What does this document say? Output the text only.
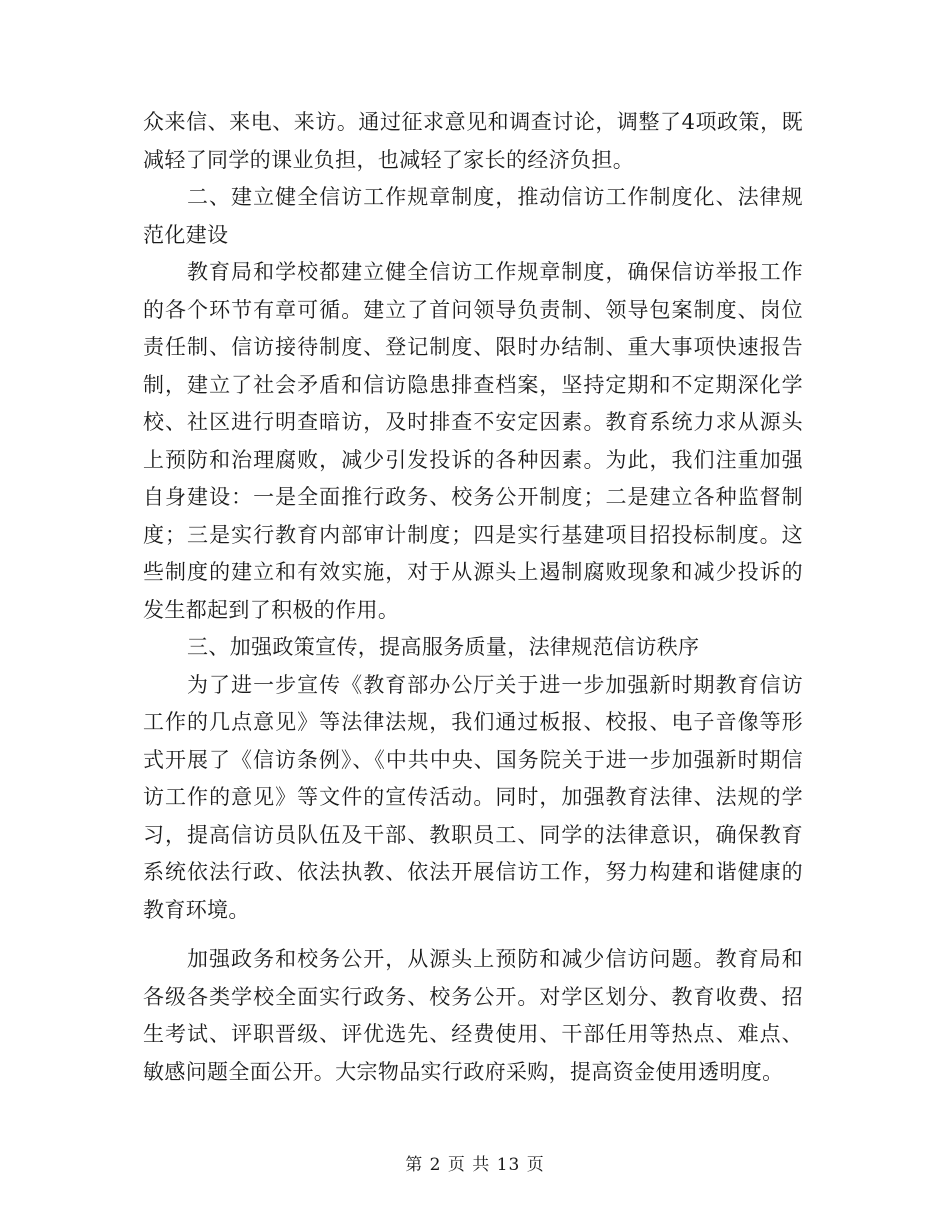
众来信、来电、来访。通过征求意见和调查讨论，调整了4项政策，既减轻了同学的课业负担，也减轻了家长的经济负担。

二、建立健全信访工作规章制度，推动信访工作制度化、法律规范化建设

教育局和学校都建立健全信访工作规章制度，确保信访举报工作的各个环节有章可循。建立了首问领导负责制、领导包案制度、岗位责任制、信访接待制度、登记制度、限时办结制、重大事项快速报告制，建立了社会矛盾和信访隐患排查档案，坚持定期和不定期深化学校、社区进行明查暗访，及时排查不安定因素。教育系统力求从源头上预防和治理腐败，减少引发投诉的各种因素。为此，我们注重加强自身建设：一是全面推行政务、校务公开制度；二是建立各种监督制度；三是实行教育内部审计制度；四是实行基建项目招投标制度。这些制度的建立和有效实施，对于从源头上遏制腐败现象和减少投诉的发生都起到了积极的作用。

三、加强政策宣传，提高服务质量，法律规范信访秩序

为了进一步宣传《教育部办公厅关于进一步加强新时期教育信访工作的几点意见》等法律法规，我们通过板报、校报、电子音像等形式开展了《信访条例》、《中共中央、国务院关于进一步加强新时期信访工作的意见》等文件的宣传活动。同时，加强教育法律、法规的学习，提高信访员队伍及干部、教职员工、同学的法律意识，确保教育系统依法行政、依法执教、依法开展信访工作，努力构建和谐健康的教育环境。

加强政务和校务公开，从源头上预防和减少信访问题。教育局和各级各类学校全面实行政务、校务公开。对学区划分、教育收费、招生考试、评职晋级、评优选先、经费使用、干部任用等热点、难点、敏感问题全面公开。大宗物品实行政府采购，提高资金使用透明度。

第 2 页 共 13 页
